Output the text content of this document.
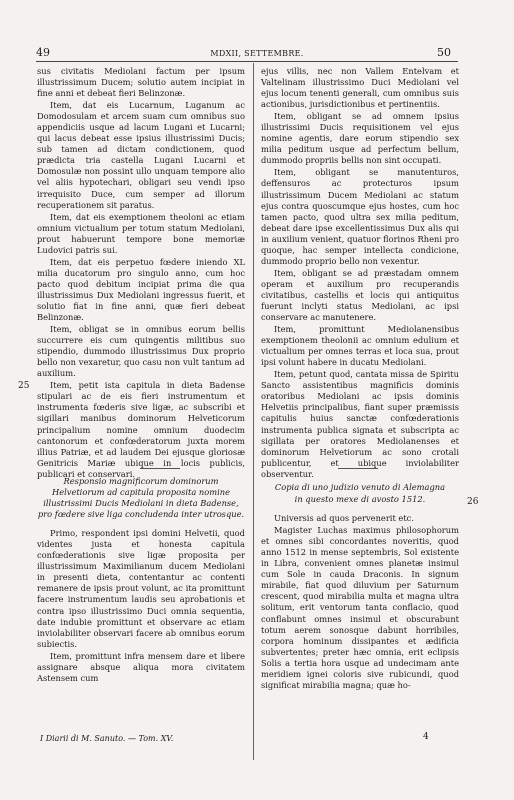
49	MDXII, SETTEMBRE.	50
25
26

sus civitatis Mediolani factum per ipsum illustrissimum Ducem; solutio autem incipiat in fine anni et debeat fieri Belinzonæ.

Item, dat eis Lucarnum, Luganum ac Domodosulam et arcem suam cum omnibus suo appendiciis usque ad lacum Lugani et Lucarni; qui lacus debeat esse ipsius illustrissimi Ducis; sub tamen ad dictam condictionem, quod prædicta tria castella Lugani Lucarni et Domosulæ non possint ullo unquam tempore alio vel aliis hypotechari, obligari seu vendi ipso irrequisito Duce, cum semper ad illorum recuperationem sit paratus.

Item, dat eis exemptionem theoloni ac etiam omnium victualium per totum statum Mediolani, prout habuerunt tempore bone memoriæ Ludovici patris sui.

Item, dat eis perpetuo fœdere iniendo XL milia ducatorum pro singulo anno, cum hoc pacto quod debitum incipiat prima die qua illustrissimus Dux Mediolani ingressus fuerit, et solutio fiat in fine anni, quæ fieri debeat Belinzonæ.

Item, obligat se in omnibus eorum bellis succurrere eis cum quingentis militibus suo stipendio, dummodo illustrissimus Dux proprio bello non vexaretur, quo casu non vult tantum ad auxilium.

Item, petit ista capitula in dieta Badense stipulari ac de eis fieri instrumentum et instrumenta fœderis sive ligæ, ac subscribi et sigillari manibus dominorum Helveticorum principalium nomine omnium duodecim cantonorum et confœderatorum juxta morem illius Patriæ, et ad laudem Dei ejusque gloriosæ Genitricis Mariæ ubique in locis publicis, publicari et conservari.

Responsio magnificorum dominorum Helvetiorum ad capitula proposita nomine illustrissimi Ducis Mediolani in dieta Badense, pro fœdere sive liga concludenda inter utrosque.

Primo, respondent ipsi domini Helvetii, quod videntes justa et honesta capitula confœderationis sive ligæ proposita per illustrissimum Maximilianum ducem Mediolani in presenti dieta, contentantur ac contenti remanere de ipsis prout volunt, ac ita promittunt facere instrumentum laudis seu aprobationis et contra ipso illustrissimo Duci omnia sequentia, date indubie promittunt et observare ac etiam inviolabiliter observari facere ab omnibus eorum subiectis.

Item, promittunt infra mensem dare et libere assignare absque aliqua mora civitatem Astensem cum

ejus villis, nec non Vallem Entelvam et Valtelinam illustrissimo Duci Mediolani vel ejus locum tenenti generali, cum omnibus suis actionibus, jurisdictionibus et pertinentiis.

Item, obligant se ad omnem ipsius illustrissimi Ducis requisitionem vel ejus nomine agentis, dare eorum stipendio sex milia peditum usque ad perfectum bellum, dummodo propriis bellis non sint occupati.

Item, obligant se manutenturos, deffensuros ac protecturos ipsum illustrissimum Ducem Mediolani ac statum ejus contra quoscumque ejus hostes, cum hoc tamen pacto, quod ultra sex milia peditum, debeat dare ipse excellentissimus Dux alis qui in auxilium venient, quatuor florinos Rheni pro quoque, hac semper intellecta condicione, dummodo proprio bello non vexentur.

Item, obligant se ad præstadam omnem operam et auxilium pro recuperandis civitatibus, castellis et locis qui antiquitus fuerunt inclyti status Mediolani, ac ipsi conservare ac manutenere.

Item, promittunt Mediolanensibus exemptionem theolonii ac omnium edulium et victualium per omnes terras et loca sua, prout ipsi volunt habere in ducatu Mediolani.

Item, petunt quod, cantata missa de Spiritu Sancto assistentibus magnificis dominis oratoribus Mediolani ac ipsis dominis Helvetiis principalibus, fiant super præmissis capitulis huius sanctæ confœderationis instrumenta publica signata et subscripta ac sigillata per oratores Mediolanenses et dominorum Helvetiorum ac sono crotali publicentur, et ubique inviolabiliter observentur.

Copia di uno judizio venuto di Alemagna

in questo mexe di avosto 1512.

Universis ad quos pervenerit etc.

Magister Luchas maximus philosophorum et omnes sibi concordantes noveritis, quod anno 1512 in mense septembris, Sol existente in Libra, convenient omnes planetæ insimul cum Sole in cauda Draconis. In signum mirabile, fiat quod diluvium per Saturnum crescent, quod mirabilia multa et magna ultra solitum, erit ventorum tanta conflacio, quod conflabunt omnes insimul et obscurabunt totum aerem sonosque dabunt horribiles, corpora hominum dissipantes et ædificia subvertentes; preter hæc omnia, erit eclipsis Solis a tertia hora usque ad undecimam ante meridiem ignei coloris sive rubicundi, quod significat mirabilia magna; quæ ho-

I Diarii di M. Sanuto. — Tom. XV.	4
